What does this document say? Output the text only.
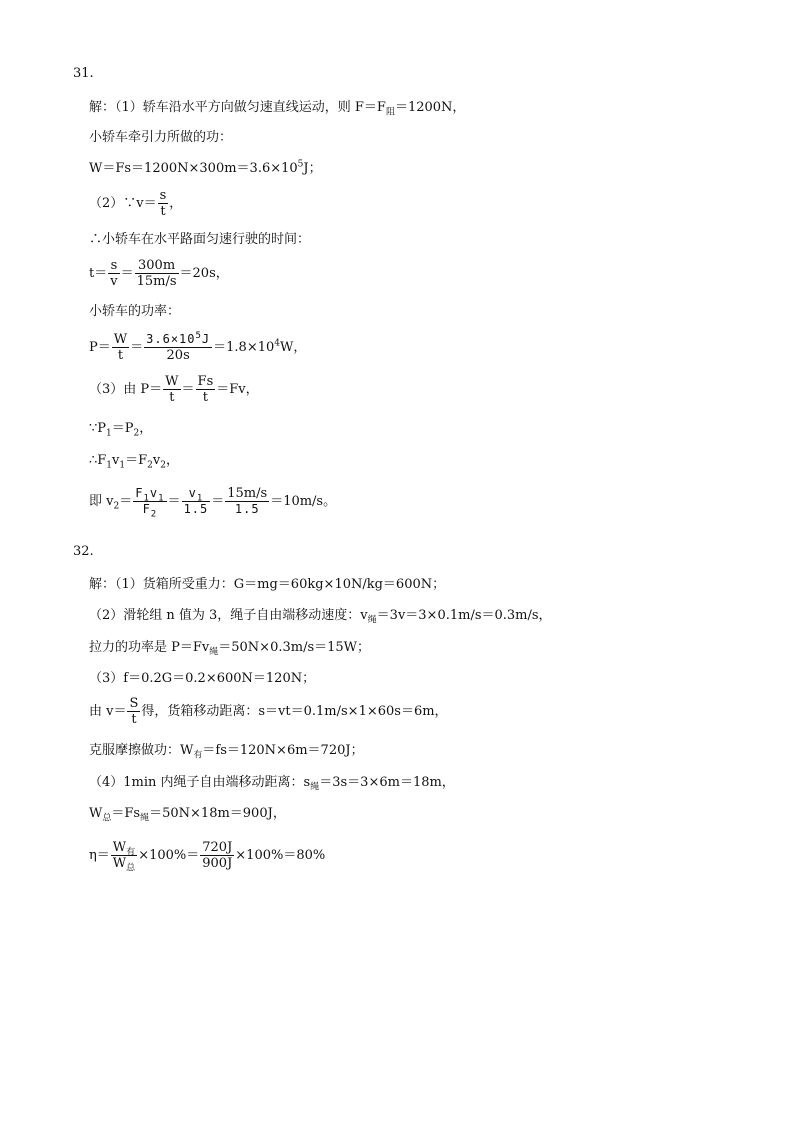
31.
解：（1）轿车沿水平方向做匀速直线运动，则 $F=F_阻=1200N$，
小轿车牵引力所做的功：
$W=Fs=1200N\times 300m=3.6\times 10^5J$；
（2）∵v＝ $\frac{s}{t}$ ，
∴小轿车在水平路面匀速行驶的时间：
$t= \frac{s}{v} = \frac{300m}{15m/s} =20s$，
小轿车的功率：
$P= \frac{W}{t} = \frac{3.6\times 10^5J}{20s} =1.8\times 10^4W$，
（3）由 $P= \frac{W}{t} = \frac{Fs}{t} =Fv$，
$\because P_1=P_2$，
$\therefore F_1v_1=F_2v_2$，
即 $v_2= \frac{F_1v_1}{F_2} = \frac{v_1}{1.5} = \frac{15m/s}{1.5} =10m/s$。
32.
解：（1）货箱所受重力：G＝mg＝60kg×10N/kg＝600N；
（2）滑轮组 n 值为 3，绳子自由端移动速度：$v_绳=3v=3\times 0.1m/s=0.3m/s$，
拉力的功率是 $P=Fv_绳=50N\times 0.3m/s=15W$；
（3）f＝0.2G＝0.2×600N＝120N；
由 $v= \frac{S}{t}$ 得，货箱移动距离：s＝vt＝0.1m/s×1×60s＝6m，
克服摩擦做功：$W_有=fs=120N\times 6m=720J$；
（4）1min 内绳子自由端移动距离：$s_绳=3s=3\times 6m=18m$，
$W_总=Fs_绳=50N\times 18m=900J$，
$\eta= \frac{W_有}{W_总} \times 100\%= \frac{720J}{900J} \times 100\%=80\%$
